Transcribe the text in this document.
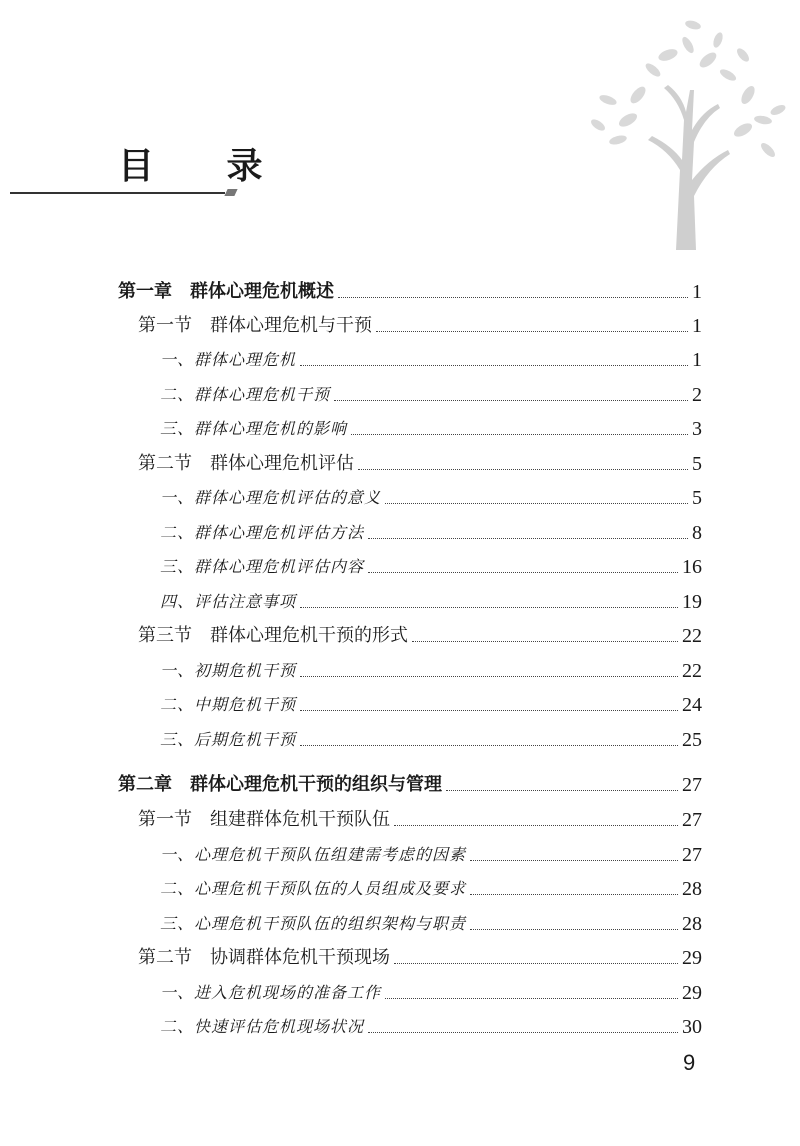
目 录
第一章　群体心理危机概述	1
第一节　群体心理危机与干预	1
一、群体心理危机	1
二、群体心理危机干预	2
三、群体心理危机的影响	3
第二节　群体心理危机评估	5
一、群体心理危机评估的意义	5
二、群体心理危机评估方法	8
三、群体心理危机评估内容	16
四、评估注意事项	19
第三节　群体心理危机干预的形式	22
一、初期危机干预	22
二、中期危机干预	24
三、后期危机干预	25
第二章　群体心理危机干预的组织与管理	27
第一节　组建群体危机干预队伍	27
一、心理危机干预队伍组建需考虑的因素	27
二、心理危机干预队伍的人员组成及要求	28
三、心理危机干预队伍的组织架构与职责	28
第二节　协调群体危机干预现场	29
一、进入危机现场的准备工作	29
二、快速评估危机现场状况	30
9
